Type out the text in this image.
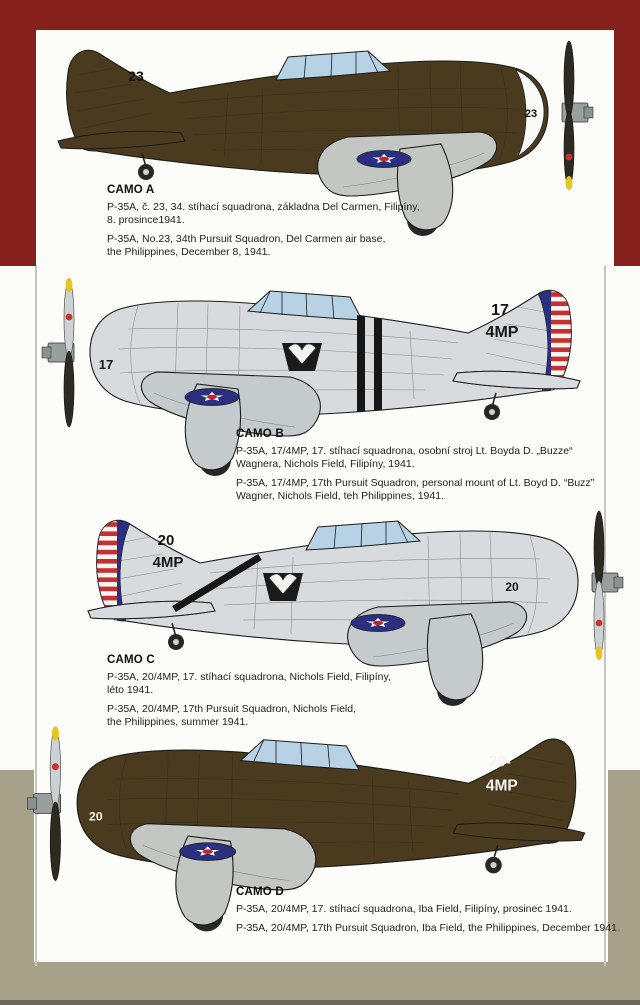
23
23
17
4MP
17
20
4MP
20
20-
4MP
20
CAMO A

P-35A, č. 23, 34. stíhací squadrona, základna Del Carmen, Filipíny,
8. prosince1941.

P-35A, No.23, 34th Pursuit Squadron, Del Carmen air base,
the Philippines, December 8, 1941.

CAMO B

P-35A, 17/4MP, 17. stíhací squadrona, osobní stroj Lt. Boyda D. „Buzze“
Wagnera, Nichols Field, Filipíny, 1941.

P-35A, 17/4MP, 17th Pursuit Squadron, personal mount of Lt. Boyd D. “Buzz”
Wagner, Nichols Field, teh Philippines, 1941.

CAMO C

P-35A, 20/4MP, 17. stíhací squadrona, Nichols Field, Filipíny,
léto 1941.

P-35A, 20/4MP, 17th Pursuit Squadron, Nichols Field,
the Philippines, summer 1941.

CAMO D

P-35A, 20/4MP, 17. stíhací squadrona, Iba Field, Filipíny, prosinec 1941.

P-35A, 20/4MP, 17th Pursuit Squadron, Iba Field, the Philippines, December 1941.
